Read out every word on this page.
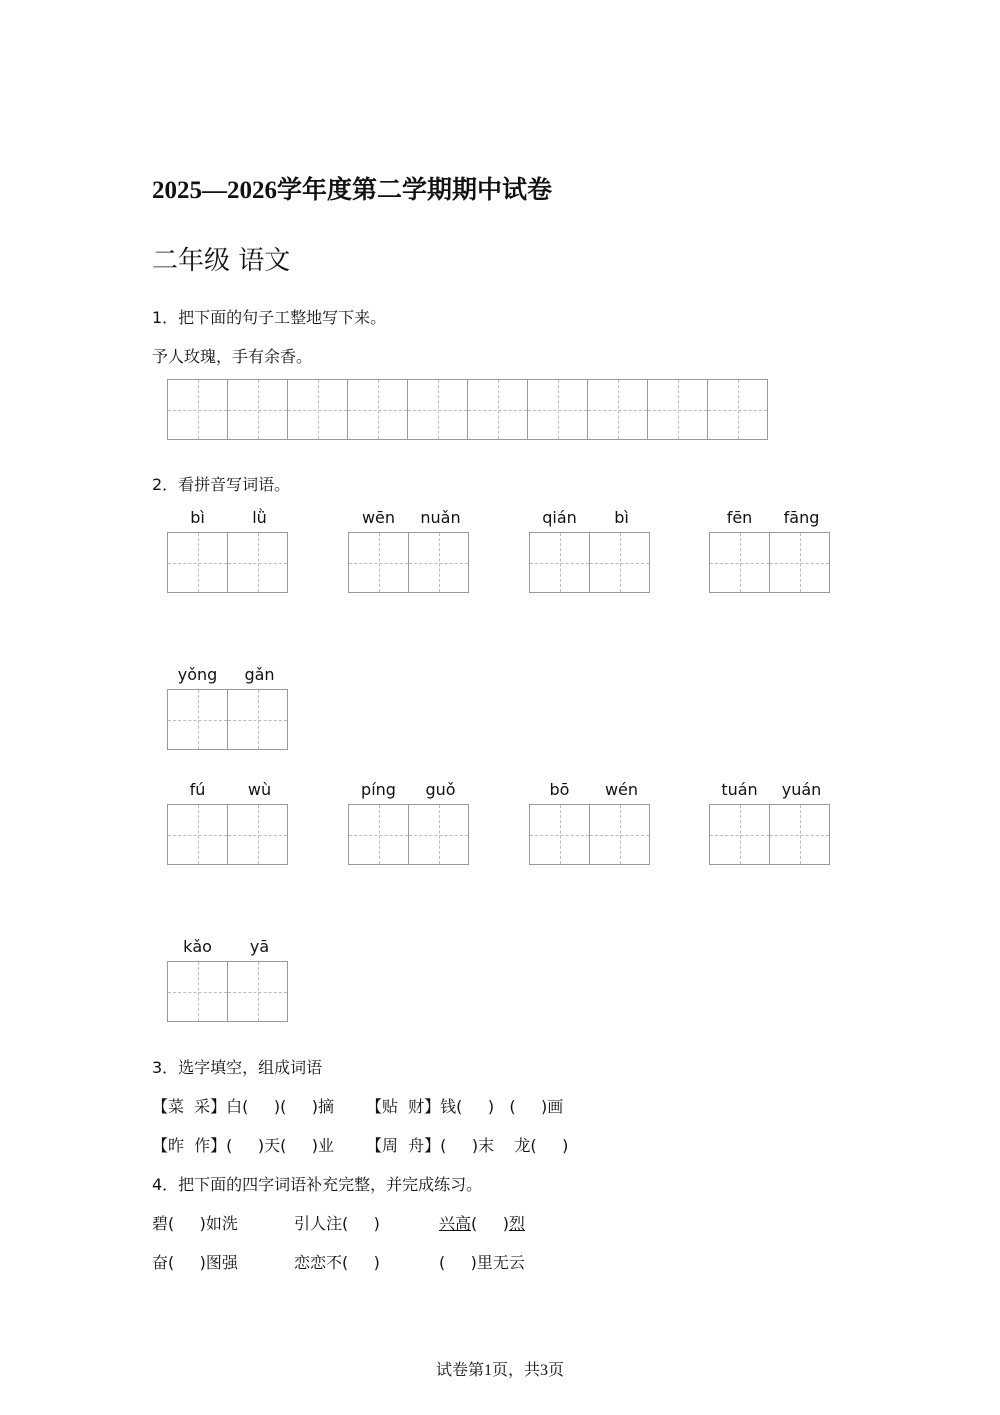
2025—2026学年度第二学期期中试卷
二年级 语文
1．把下面的句子工整地写下来。
予人玫瑰，手有余香。
2．看拼音写词语。
bì	lǜ	wēn	nuǎn	qián	bì	fēn	fāng
yǒng	gǎn
fú	wù	píng	guǒ	bō	wén	tuán	yuán
kǎo	yā
3．选字填空，组成词语
【菜  采】白(     )(     )摘 【贴  财】钱(     )   (     )画
【昨  作】(     )天(     )业 【周  舟】(     )末    龙(     )
4．把下面的四字词语补充完整，并完成练习。
碧(     )如洗	引人注(     )	兴高(     )烈
奋(     )图强	恋恋不(     )	(     )里无云
试卷第1页，共3页
